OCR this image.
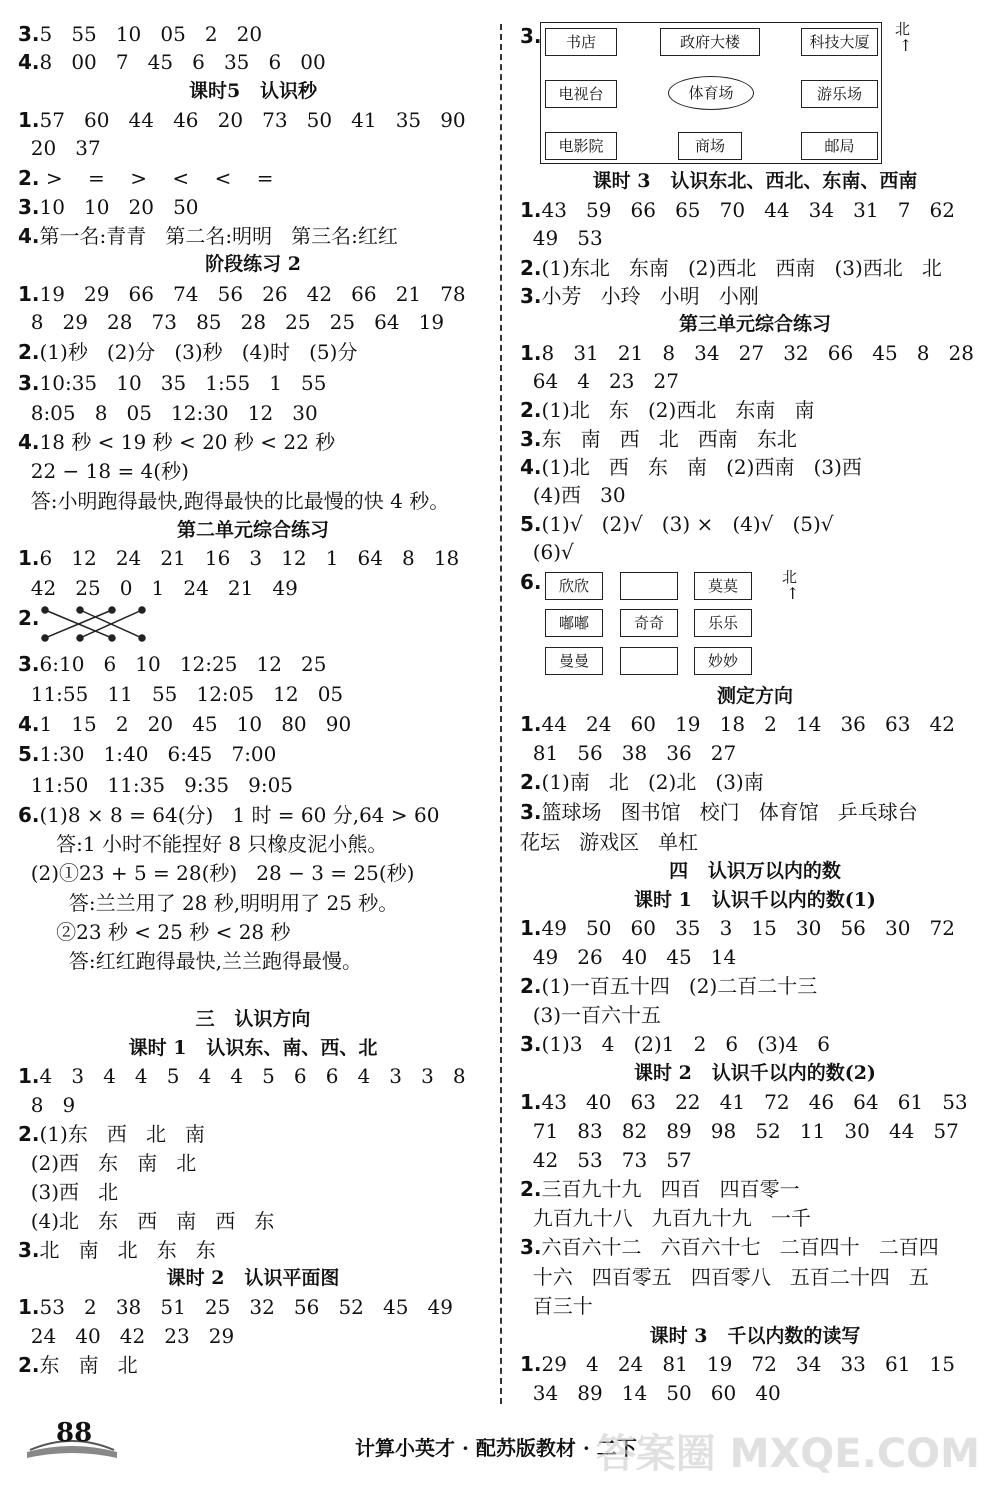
3.5   55   10   05   2   20
4.8   00   7   45   6   35   6   00
课时5   认识秒
1.57   60   44   46   20   73   50   41   35   90
20   37
2. >    =    >    <    <    =
3.10   10   20   50
4.第一名:青青   第二名:明明   第三名:红红
阶段练习 2
1.19   29   66   74   56   26   42   66   21   78
8   29   28   73   85   28   25   25   64   19
2.(1)秒   (2)分   (3)秒   (4)时   (5)分
3.10:35   10   35   1:55   1   55
8:05   8   05   12:30   12   30
4.18 秒 < 19 秒 < 20 秒 < 22 秒
22 − 18 = 4(秒)
答:小明跑得最快,跑得最快的比最慢的快 4 秒。
第二单元综合练习
1.6   12   24   21   16   3   12   1   64   8   18
42   25   0   1   24   21   49
2.
3.6:10   6   10   12:25   12   25
11:55   11   55   12:05   12   05
4.1   15   2   20   45   10   80   90
5.1:30   1:40   6:45   7:00
11:50   11:35   9:35   9:05
6.(1)8 × 8 = 64(分)   1 时 = 60 分,64 > 60
答:1 小时不能捏好 8 只橡皮泥小熊。
(2)①23 + 5 = 28(秒)   28 − 3 = 25(秒)
答:兰兰用了 28 秒,明明用了 25 秒。
②23 秒 < 25 秒 < 28 秒
答:红红跑得最快,兰兰跑得最慢。
三   认识方向
课时 1   认识东、南、西、北
1.4   3   4   4   5   4   4   5   6   6   4   3   3   8
8   9
2.(1)东   西   北   南
(2)西   东   南   北
(3)西   北
(4)北   东   西   南   西   东
3.北   南   北   东   东
课时 2   认识平面图
1.53   2   38   51   25   32   56   52   45   49
24   40   42   23   29
2.东   南   北
3.
课时 3   认识东北、西北、东南、西南
1.43   59   66   65   70   44   34   31   7   62
49   53
2.(1)东北   东南   (2)西北   西南   (3)西北   北
3.小芳   小玲   小明   小刚
第三单元综合练习
1.8   31   21   8   34   27   32   66   45   8   28
64   4   23   27
2.(1)北   东   (2)西北   东南   南
3.东   南   西   北   西南   东北
4.(1)北   西   东   南   (2)西南   (3)西
(4)西   30
5.(1)√   (2)√   (3) ×   (4)√   (5)√
(6)√
6.
测定方向
1.44   24   60   19   18   2   14   36   63   42
81   56   38   36   27
2.(1)南   北   (2)北   (3)南
3.篮球场   图书馆   校门   体育馆   乒乓球台
花坛   游戏区   单杠
四   认识万以内的数
课时 1   认识千以内的数(1)
1.49   50   60   35   3   15   30   56   30   72
49   26   40   45   14
2.(1)一百五十四   (2)二百二十三
(3)一百六十五
3.(1)3   4   (2)1   2   6   (3)4   6
课时 2   认识千以内的数(2)
1.43   40   63   22   41   72   46   64   61   53
71   83   82   89   98   52   11   30   44   57
42   53   73   57
2.三百九十九   四百   四百零一
九百九十八   九百九十九   一千
3.六百六十二   六百六十七   二百四十   二百四
十六   四百零五   四百零八   五百二十四   五
百三十
课时 3   千以内数的读写
1.29   4   24   81   19   72   34   33   61   15
34   89   14   50   60   40
书店	政府大楼	科技大厦
电视台	体育场	游乐场
电影院	商场	邮局
北
↑
欣欣	莫莫
嘟嘟	奇奇	乐乐
曼曼	妙妙
北
↑
88	计算小英才 · 配苏版教材 · 二下
答案圈 MXQE.COM
